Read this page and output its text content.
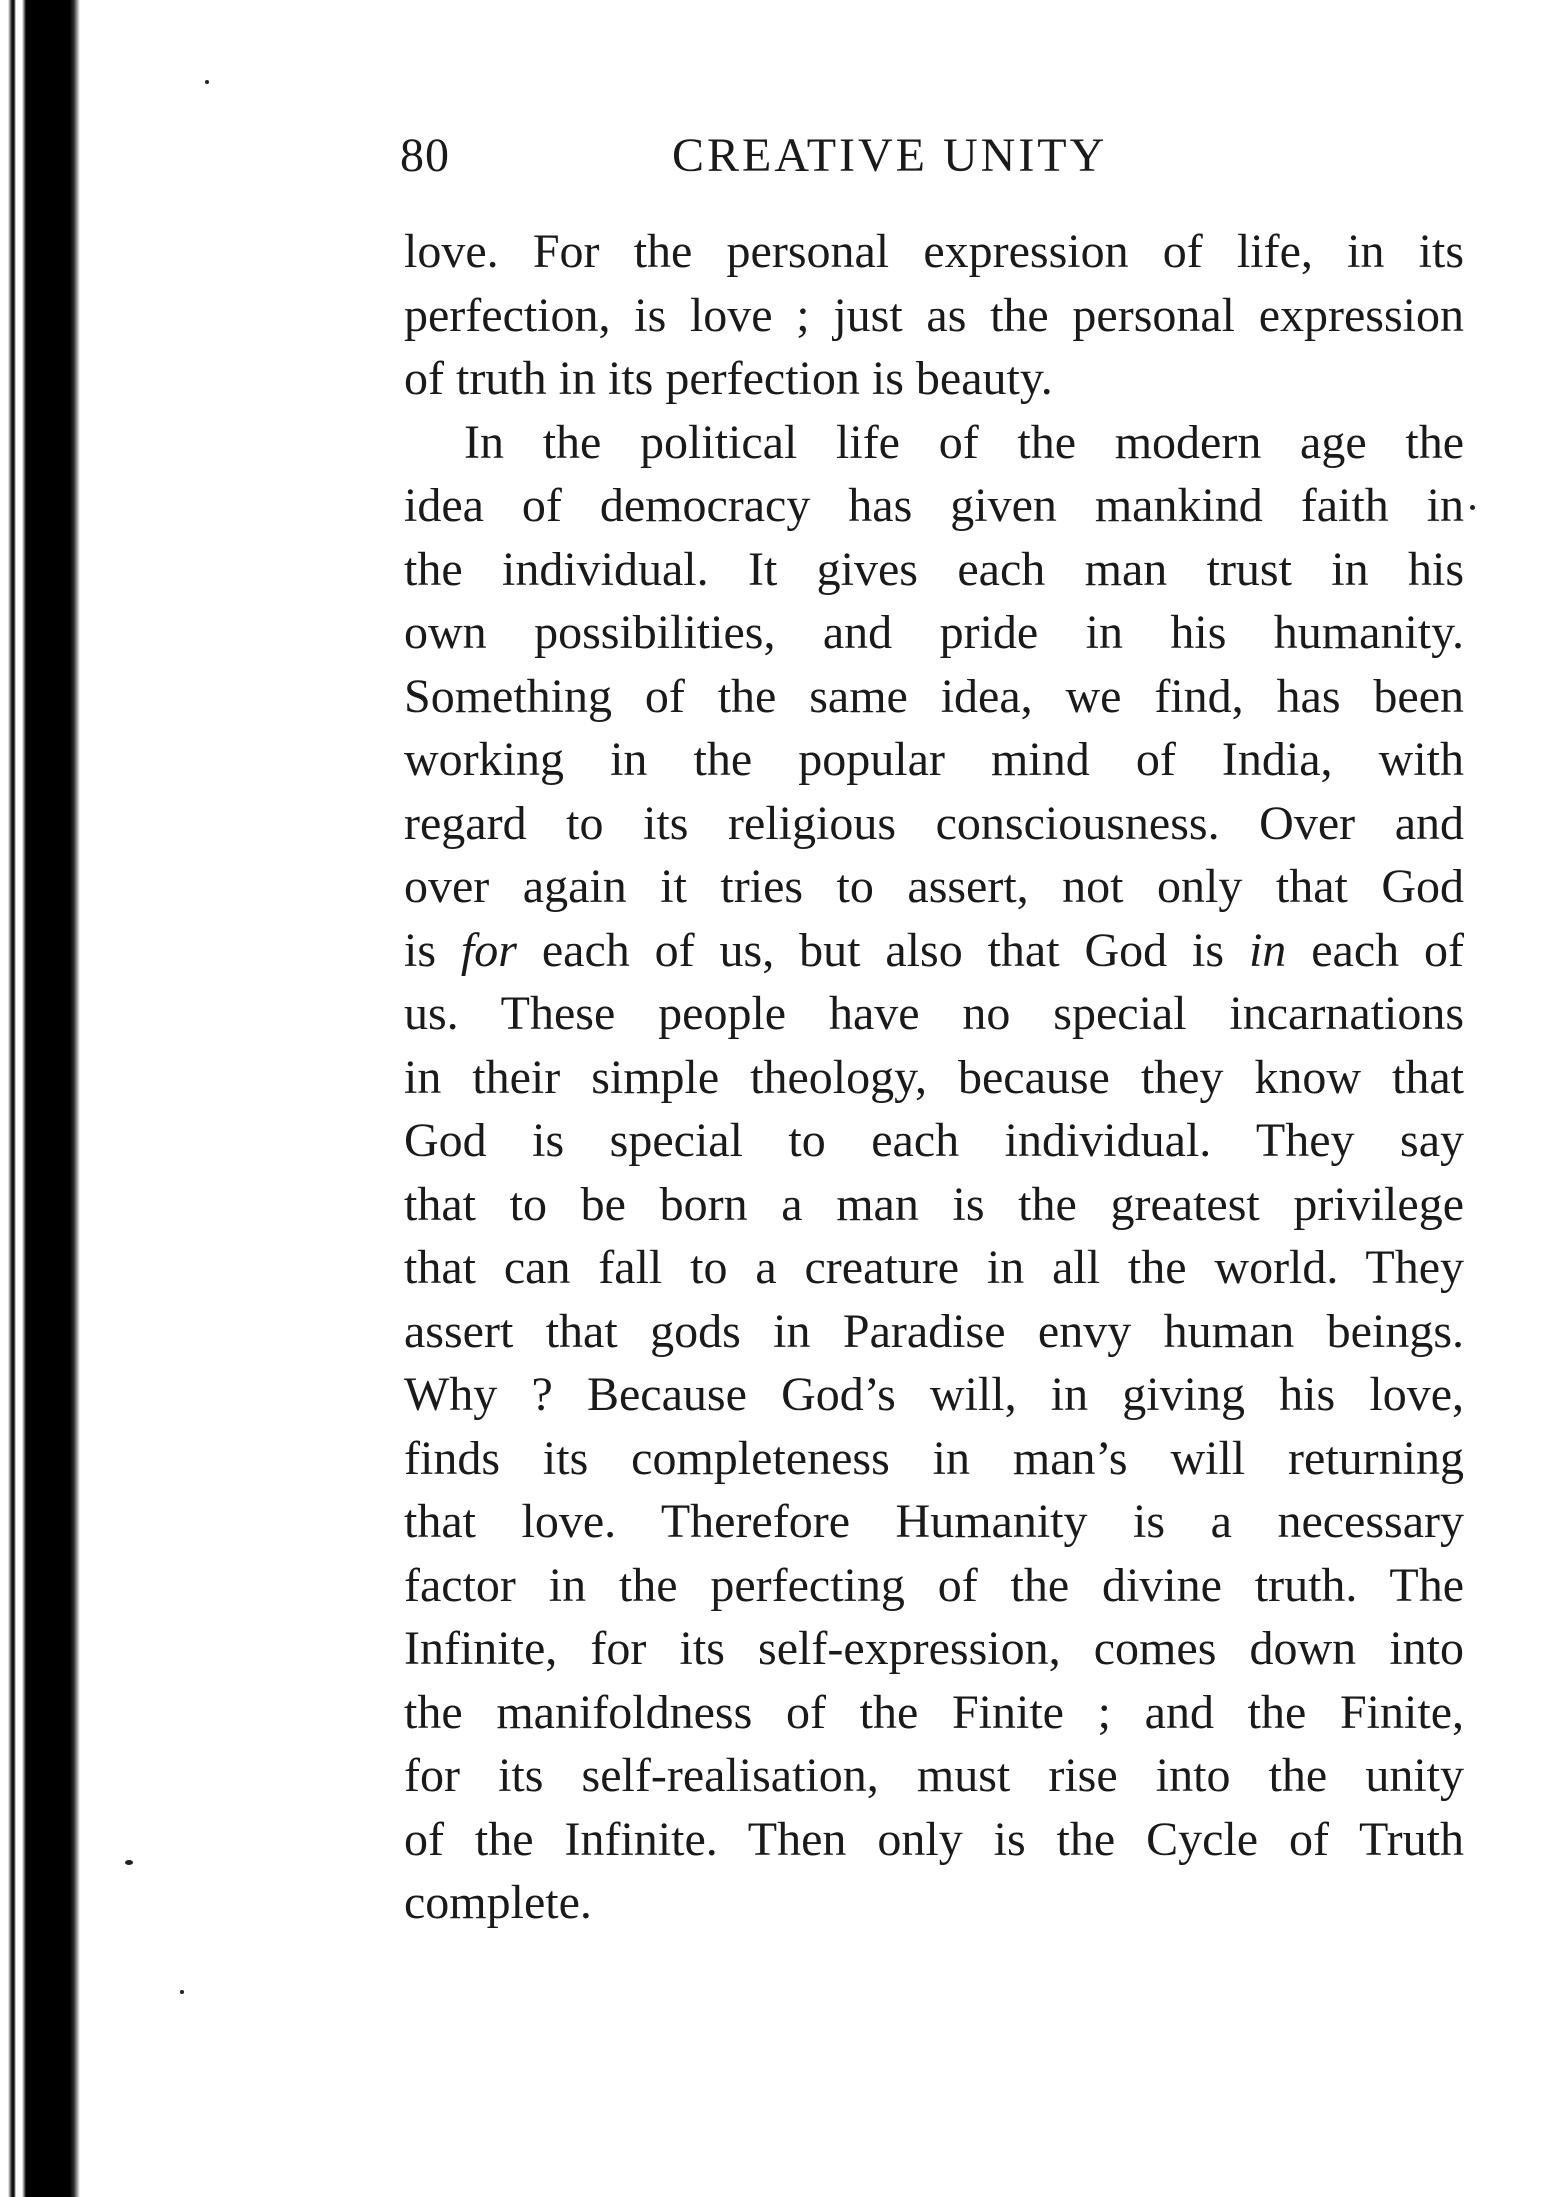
80	CREATIVE UNITY
love. For the personal expression of life, in its
perfection, is love ; just as the personal expression
of truth in its perfection is beauty.
In the political life of the modern age the
idea of democracy has given mankind faith in
the individual. It gives each man trust in his
own possibilities, and pride in his humanity.
Something of the same idea, we find, has been
working in the popular mind of India, with
regard to its religious consciousness. Over and
over again it tries to assert, not only that God
is for each of us, but also that God is in each of
us. These people have no special incarnations
in their simple theology, because they know that
God is special to each individual. They say
that to be born a man is the greatest privilege
that can fall to a creature in all the world. They
assert that gods in Paradise envy human beings.
Why ? Because God’s will, in giving his love,
finds its completeness in man’s will returning
that love. Therefore Humanity is a necessary
factor in the perfecting of the divine truth. The
Infinite, for its self-expression, comes down into
the manifoldness of the Finite ; and the Finite,
for its self-realisation, must rise into the unity
of the Infinite. Then only is the Cycle of Truth
complete.
